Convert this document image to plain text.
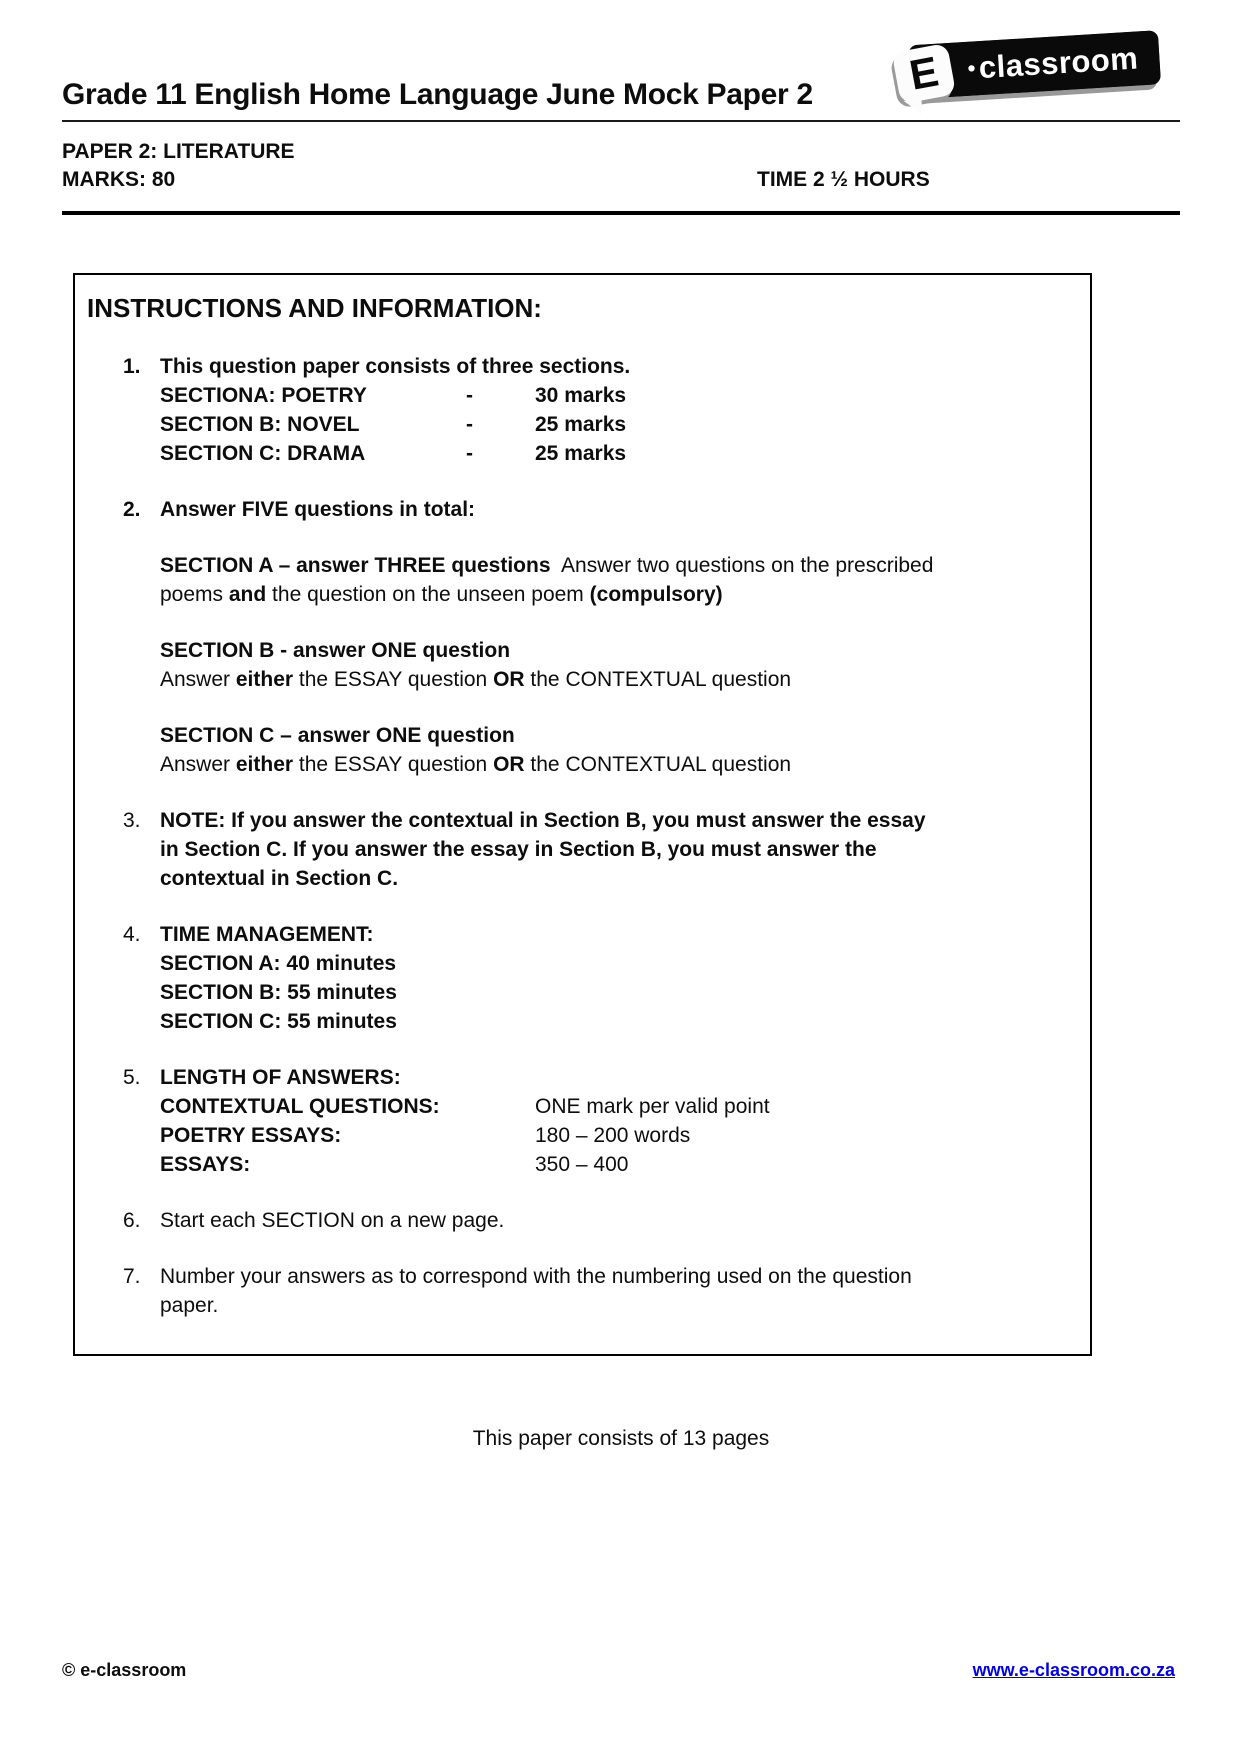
Grade 11 English Home Language June Mock Paper 2	E •classroom
PAPER 2: LITERATURE
MARKS: 80	TIME 2 ½ HOURS
INSTRUCTIONS AND INFORMATION:
1. This question paper consists of three sections.
SECTIONA: POETRY	-	30 marks
SECTION B: NOVEL	-	25 marks
SECTION C: DRAMA	-	25 marks
2. Answer FIVE questions in total:
SECTION A – answer THREE questions  Answer two questions on the prescribed
poems and the question on the unseen poem (compulsory)
SECTION B - answer ONE question
Answer either the ESSAY question OR the CONTEXTUAL question
SECTION C – answer ONE question
Answer either the ESSAY question OR the CONTEXTUAL question
3. NOTE: If you answer the contextual in Section B, you must answer the essay
in Section C. If you answer the essay in Section B, you must answer the
contextual in Section C.
4. TIME MANAGEMENT:
SECTION A: 40 minutes
SECTION B: 55 minutes
SECTION C: 55 minutes
5. LENGTH OF ANSWERS:
CONTEXTUAL QUESTIONS:	ONE mark per valid point
POETRY ESSAYS:	180 – 200 words
ESSAYS:	350 – 400
6. Start each SECTION on a new page.
7. Number your answers as to correspond with the numbering used on the question
paper.
This paper consists of 13 pages
© e-classroom	www.e-classroom.co.za
